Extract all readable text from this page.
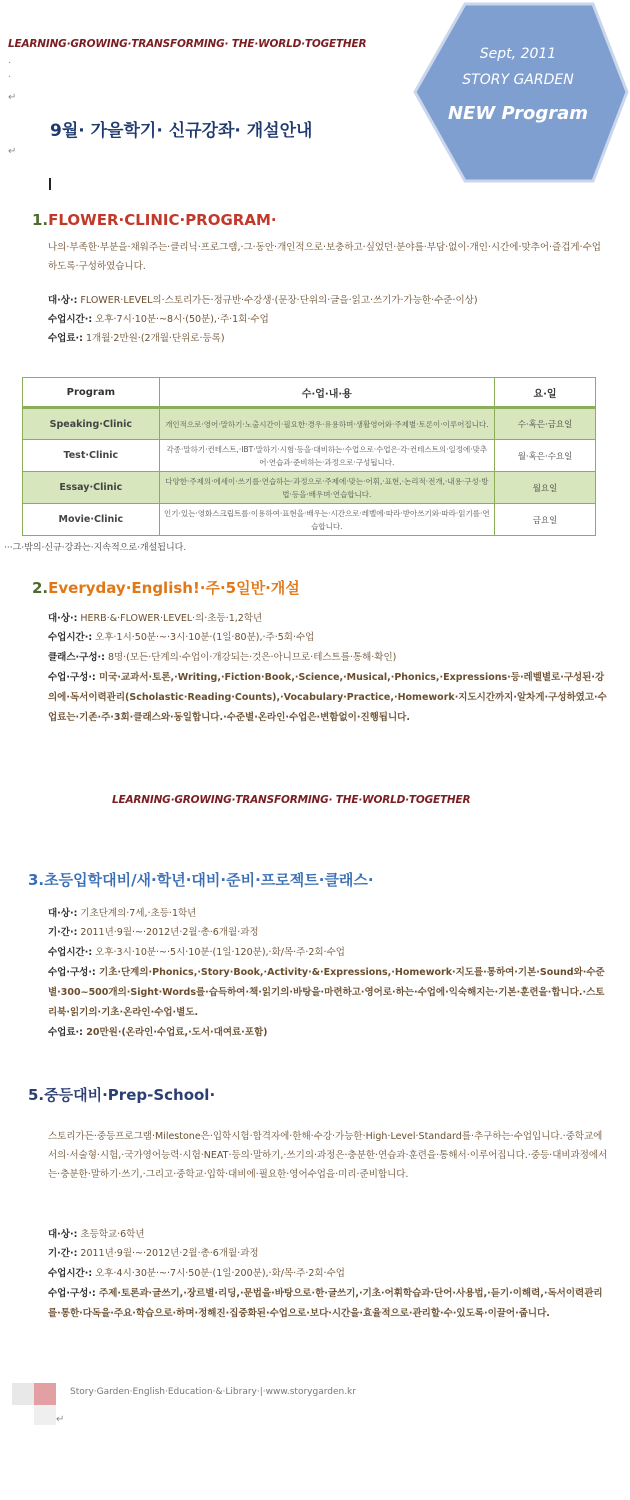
LEARNING·GROWING·TRANSFORMING· THE·WORLD·TOGETHER
·
·
↵
Sept, 2011
STORY GARDEN
NEW Program
9월· 가을학기· 신규강좌· 개설안내
↵
1.FLOWER·CLINIC·PROGRAM·
나의·부족한·부분을·채워주는·클리닉·프로그램,·그·동안·개인적으로·보충하고·싶었던·분야를·부담·없이·개인·시간에·맞추어·즐겁게·수업하도록·구성하였습니다.
대·상·: FLOWER·LEVEL의·스토리가든·정규반·수강생·(문장·단위의·글을·읽고·쓰기가·가능한·수준·이상)
수업시간·: 오후·7시·10분·~8시·(50분),·주·1회·수업
수업료·: 1개월·2만원·(2개월·단위로·등록)
Program	수·업·내·용	요·일
Speaking·Clinic	개인적으로·영어·말하기·노출시간이·필요한·경우·유용하며·생활영어와·주제별·토론이·이루어집니다.	수·혹은·금요일
Test·Clinic	각종·말하기·컨테스트,·IBT·말하기·시험·등을·대비하는·수업으로·수업은·각·컨테스트의·일정에·맞추어·연습과·준비하는·과정으로·구성됩니다.	월·혹은·수요일
Essay·Clinic	다양한·주제의·에세이·쓰기를·연습하는·과정으로·주제에·맞는·어휘,·표현,·논리적·전개,·내용·구성·방법·등을·배우며·연습합니다.	월요일
Movie·Clinic	인기·있는·영화스크립트를·이용하여·표현을·배우는·시간으로·레벨에·따라·받아쓰기와·따라·읽기를·연습합니다.	금요일
···그·밖의·신규·강좌는·지속적으로·개설됩니다.
2.Everyday·English!·주·5일반·개설
대·상·: HERB·&·FLOWER·LEVEL·의·초등·1,2학년
수업시간·: 오후·1시·50분·~·3시·10분·(1일·80분),·주·5회·수업
클래스·구성·: 8명·(모든·단계의·수업이·개강되는·것은·아니므로·테스트를·통해·확인)
수업·구성·: 미국·교과서·토론,·Writing,·Fiction·Book,·Science,·Musical,·Phonics,·Expressions·등·레벨별로·구성된·강의에·독서이력관리(Scholastic·Reading·Counts),·Vocabulary·Practice,·Homework·지도시간까지·알차게·구성하였고·수업료는·기존·주·3회·클래스와·동일합니다.·수준별·온라인·수업은·변함없이·진행됩니다.
LEARNING·GROWING·TRANSFORMING· THE·WORLD·TOGETHER
3.초등입학대비/새·학년·대비·준비·프로젝트·클래스·
대·상·: 기초단계의·7세,·초등·1학년
기·간·: 2011년·9월·~·2012년·2월·총·6개월·과정
수업시간·: 오후·3시·10분·~·5시·10분·(1일·120분),·화/목·주·2회·수업
수업·구성·: 기초·단계의·Phonics,·Story·Book,·Activity·&·Expressions,·Homework·지도를·통하여·기본·Sound와·수준별·300~500개의·Sight·Words를·습득하여·책·읽기의·바탕을·마련하고·영어로·하는·수업에·익숙해지는·기본·훈련을·합니다.·스토리북·읽기의·기초·온라인·수업·별도.
수업료·: 20만원·(온라인·수업료,·도서·대여료·포함)
5.중등대비·Prep-School·
스토리가든·중등프로그램·Milestone은·입학시험·합격자에·한해·수강·가능한·High·Level·Standard를·추구하는·수업입니다.·중학교에서의·서술형·시험,·국가영어능력·시험·NEAT·등의·말하기,·쓰기의·과정은·충분한·연습과·훈련을·통해서·이루어집니다.·중등·대비과정에서는·충분한·말하기·쓰기,·그리고·중학교·입학·대비에·필요한·영어수업을·미리·준비합니다.
대·상·: 초등학교·6학년
기·간·: 2011년·9월·~·2012년·2월·총·6개월·과정
수업시간·: 오후·4시·30분·~·7시·50분·(1일·200분),·화/목·주·2회·수업
수업·구성·: 주제·토론과·글쓰기,·장르별·리딩,·문법을·바탕으로·한·글쓰기,·기초·어휘학습과·단어·사용법,·듣기·이해력,·독서이력관리를·통한·다독을·주요·학습으로·하며·정해진·집중화된·수업으로·보다·시간을·효율적으로·관리할·수·있도록·이끌어·줍니다.
Story·Garden·English·Education·&·Library·|·www.storygarden.kr
↵
